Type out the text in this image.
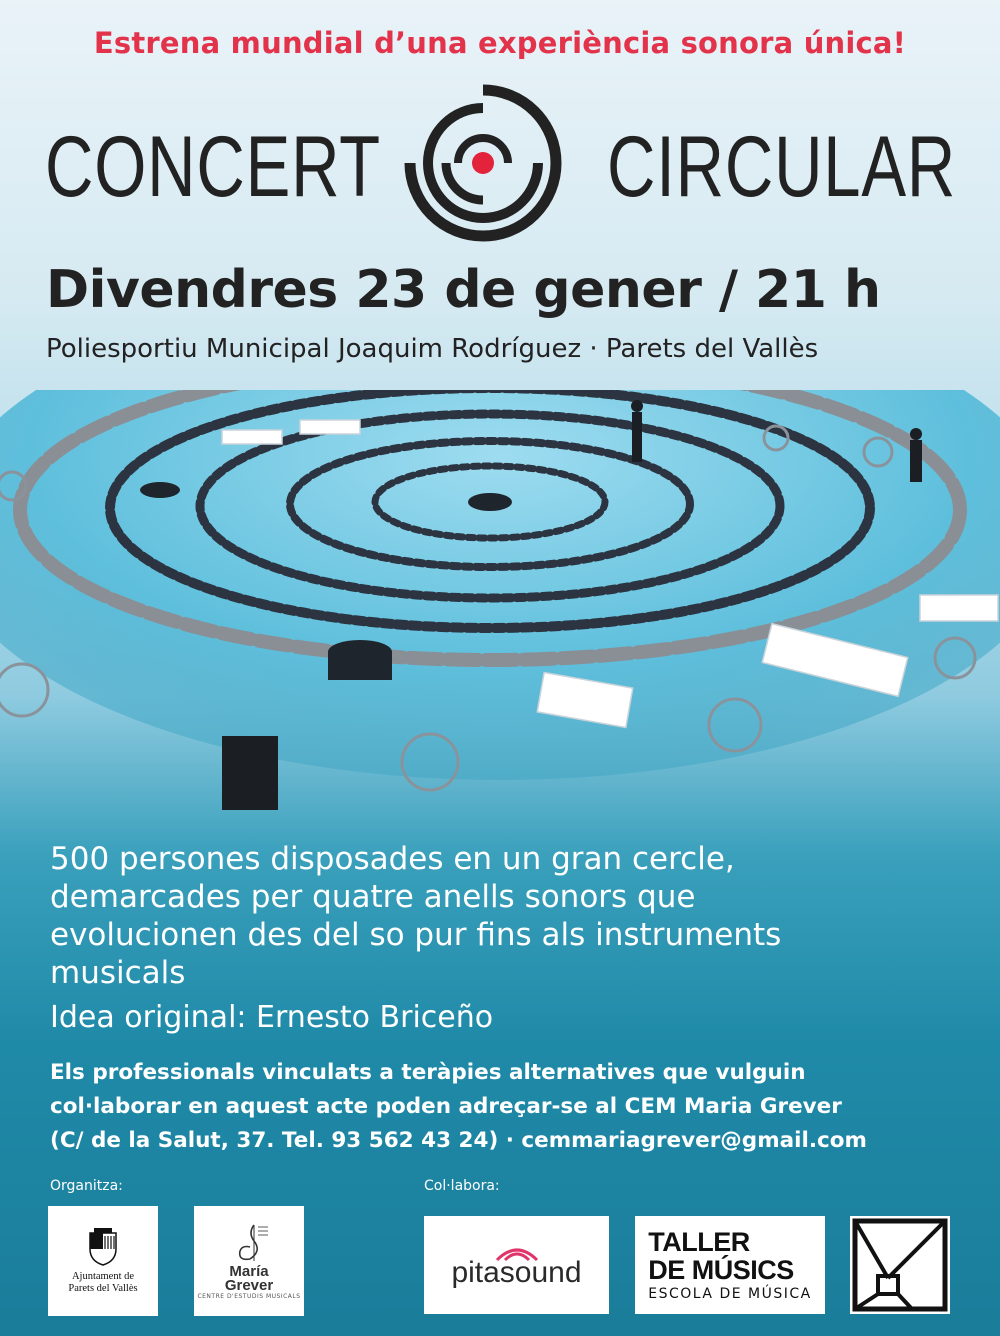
Estrena mundial d’una experiència sonora única!
CONCERT	CIRCULAR
Divendres 23 de gener / 21 h
Poliesportiu Municipal Joaquim Rodríguez · Parets del Vallès
500 persones disposades en un gran cercle,
demarcades per quatre anells sonors que
evolucionen des del so pur fins als instruments
musicals
Idea original: Ernesto Briceño
Els professionals vinculats a teràpies alternatives que vulguin
col·laborar en aquest acte poden adreçar-se al CEM Maria Grever
(C/ de la Salut, 37. Tel. 93 562 43 24) · cemmariagrever@gmail.com
Organitza:	Col·labora:
Ajuntament de
Parets del Vallès
María
Grever
CENTRE D'ESTUDIS MUSICALS
pitasound
TALLER
DE MÚSICS
ESCOLA DE MÚSICA
